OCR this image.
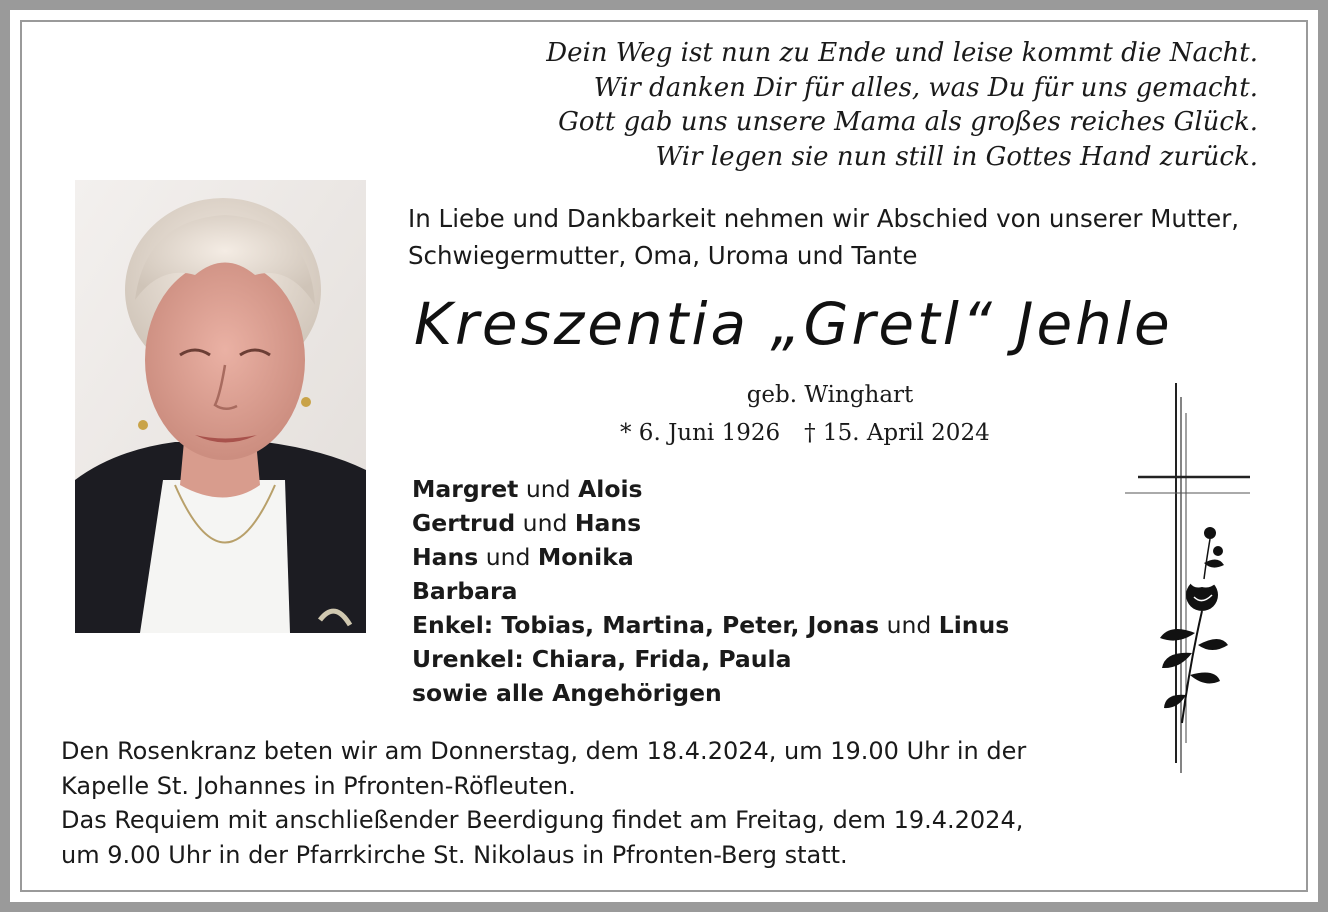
Dein Weg ist nun zu Ende und leise kommt die Nacht.
Wir danken Dir für alles, was Du für uns gemacht.
Gott gab uns unsere Mama als großes reiches Glück.
Wir legen sie nun still in Gottes Hand zurück.
In Liebe und Dankbarkeit nehmen wir Abschied von unserer Mutter,
Schwiegermutter, Oma, Uroma und Tante
Kreszentia „Gretl“ Jehle
geb. Winghart
* 6. Juni 1926 † 15. April 2024
Margret und Alois
Gertrud und Hans
Hans und Monika
Barbara
Enkel: Tobias, Martina, Peter, Jonas und Linus
Urenkel: Chiara, Frida, Paula
sowie alle Angehörigen
Den Rosenkranz beten wir am Donnerstag, dem 18.4.2024, um 19.00 Uhr in der
Kapelle St. Johannes in Pfronten-Röfleuten.
Das Requiem mit anschließender Beerdigung findet am Freitag, dem 19.4.2024,
um 9.00 Uhr in der Pfarrkirche St. Nikolaus in Pfronten-Berg statt.
